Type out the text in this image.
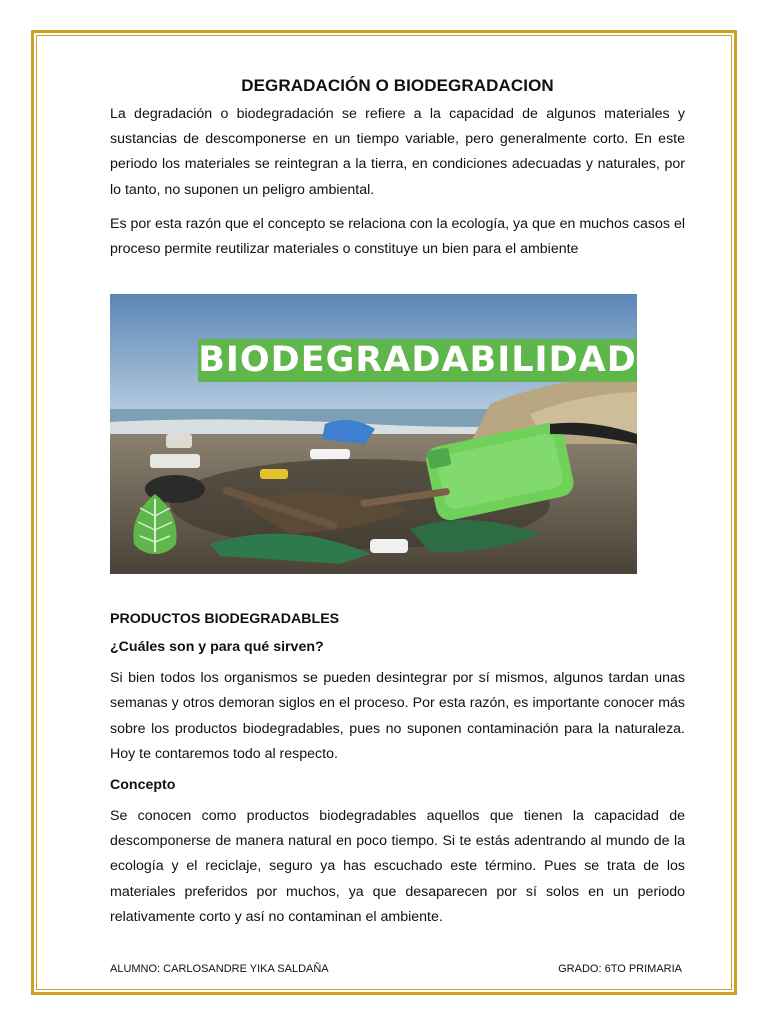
DEGRADACIÓN O BIODEGRADACION

La degradación o biodegradación se refiere a la capacidad de algunos materiales y sustancias de descomponerse en un tiempo variable, pero generalmente corto. En este periodo los materiales se reintegran a la tierra, en condiciones adecuadas y naturales, por lo tanto, no suponen un peligro ambiental.

Es por esta razón que el concepto se relaciona con la ecología, ya que en muchos casos el proceso permite reutilizar materiales o constituye un bien para el ambiente

BIODEGRADABILIDAD
PRODUCTOS BIODEGRADABLES
¿Cuáles son y para qué sirven?

Si bien todos los organismos se pueden desintegrar por sí mismos, algunos tardan unas semanas y otros demoran siglos en el proceso. Por esta razón, es importante conocer más sobre los productos biodegradables, pues no suponen contaminación para la naturaleza. Hoy te contaremos todo al respecto.

Concepto

Se conocen como productos biodegradables aquellos que tienen la capacidad de descomponerse de manera natural en poco tiempo. Si te estás adentrando al mundo de la ecología y el reciclaje, seguro ya has escuchado este término. Pues se trata de los materiales preferidos por muchos, ya que desaparecen por sí solos en un periodo relativamente corto y así no contaminan el ambiente.

ALUMNO: CARLOSANDRE YIKA SALDAÑA	GRADO: 6TO PRIMARIA
